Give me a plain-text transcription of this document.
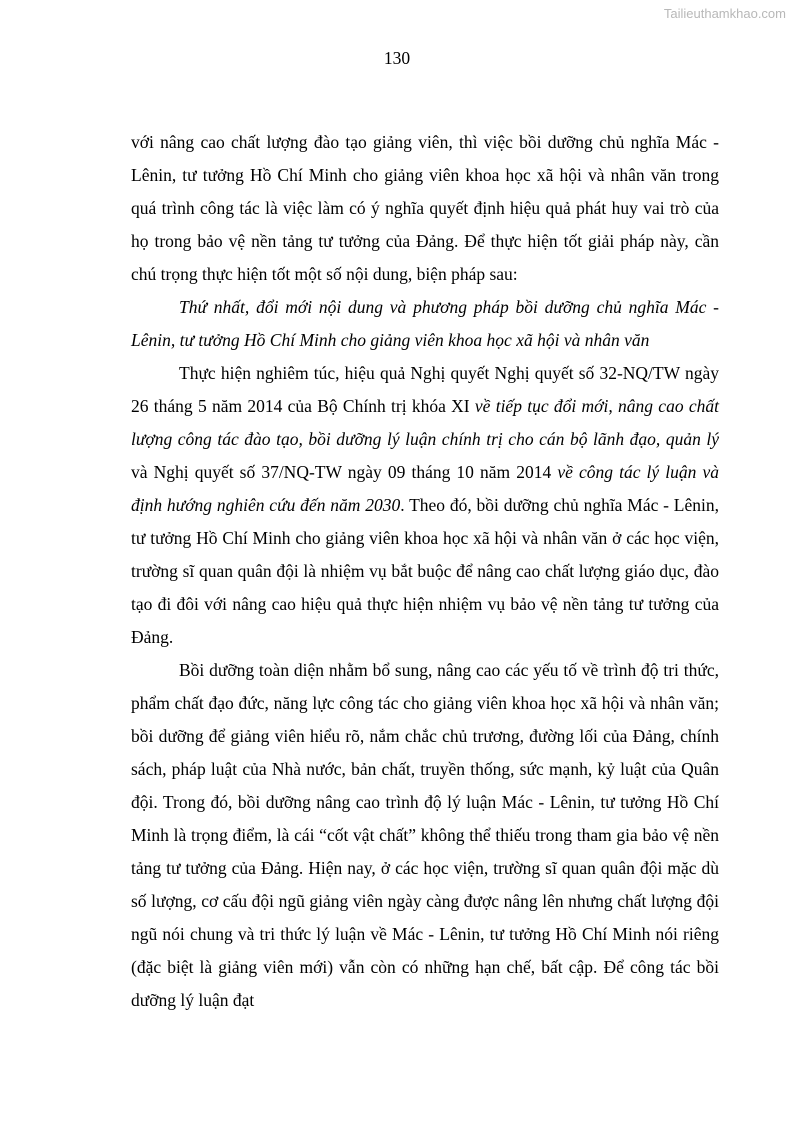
Tailieuthamkhao.com
130

với nâng cao chất lượng đào tạo giảng viên, thì việc bồi dưỡng chủ nghĩa Mác - Lênin, tư tưởng Hồ Chí Minh cho giảng viên khoa học xã hội và nhân văn trong quá trình công tác là việc làm có ý nghĩa quyết định hiệu quả phát huy vai trò của họ trong bảo vệ nền tảng tư tưởng của Đảng. Để thực hiện tốt giải pháp này, cần chú trọng thực hiện tốt một số nội dung, biện pháp sau:

Thứ nhất, đổi mới nội dung và phương pháp bồi dưỡng chủ nghĩa Mác - Lênin, tư tưởng Hồ Chí Minh cho giảng viên khoa học xã hội và nhân văn

Thực hiện nghiêm túc, hiệu quả Nghị quyết Nghị quyết số 32-NQ/TW ngày 26 tháng 5 năm 2014 của Bộ Chính trị khóa XI về tiếp tục đổi mới, nâng cao chất lượng công tác đào tạo, bồi dưỡng lý luận chính trị cho cán bộ lãnh đạo, quản lý và Nghị quyết số 37/NQ-TW ngày 09 tháng 10 năm 2014 về công tác lý luận và định hướng nghiên cứu đến năm 2030. Theo đó, bồi dưỡng chủ nghĩa Mác - Lênin, tư tưởng Hồ Chí Minh cho giảng viên khoa học xã hội và nhân văn ở các học viện, trường sĩ quan quân đội là nhiệm vụ bắt buộc để nâng cao chất lượng giáo dục, đào tạo đi đôi với nâng cao hiệu quả thực hiện nhiệm vụ bảo vệ nền tảng tư tưởng của Đảng.

Bồi dưỡng toàn diện nhằm bổ sung, nâng cao các yếu tố về trình độ tri thức, phẩm chất đạo đức, năng lực công tác cho giảng viên khoa học xã hội và nhân văn; bồi dưỡng để giảng viên hiểu rõ, nắm chắc chủ trương, đường lối của Đảng, chính sách, pháp luật của Nhà nước, bản chất, truyền thống, sức mạnh, kỷ luật của Quân đội. Trong đó, bồi dưỡng nâng cao trình độ lý luận Mác - Lênin, tư tưởng Hồ Chí Minh là trọng điểm, là cái “cốt vật chất” không thể thiếu trong tham gia bảo vệ nền tảng tư tưởng của Đảng. Hiện nay, ở các học viện, trường sĩ quan quân đội mặc dù số lượng, cơ cấu đội ngũ giảng viên ngày càng được nâng lên nhưng chất lượng đội ngũ nói chung và tri thức lý luận về Mác - Lênin, tư tưởng Hồ Chí Minh nói riêng (đặc biệt là giảng viên mới) vẫn còn có những hạn chế, bất cập. Để công tác bồi dưỡng lý luận đạt
